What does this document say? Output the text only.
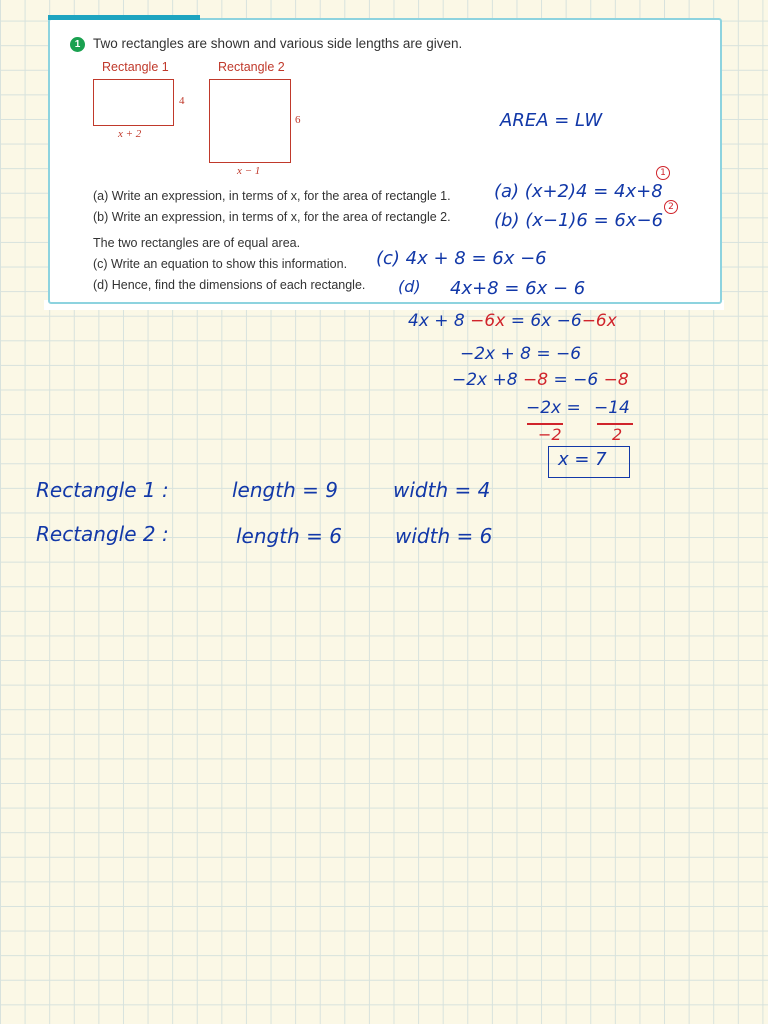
1 Two rectangles are shown and various side lengths are given.
Rectangle 1
4
x + 2
Rectangle 2
6
x − 1
(a) Write an expression, in terms of x, for the area of rectangle 1.
(b) Write an expression, in terms of x, for the area of rectangle 2.
The two rectangles are of equal area.
(c) Write an equation to show this information.
(d) Hence, find the dimensions of each rectangle.
AREA = LW
1
(a) (x+2)4 = 4x+8
2
(b) (x−1)6 = 6x−6
(c) 4x + 8 = 6x −6
(d) 4x+8 = 6x − 6
4x + 8 −6x = 6x −6−6x
−2x + 8 = −6
−2x +8 −8 = −6 −8
−2x = −14
−2	2
x = 7
Rectangle 1 :	length = 9	width = 4
Rectangle 2 :	length = 6	width = 6
